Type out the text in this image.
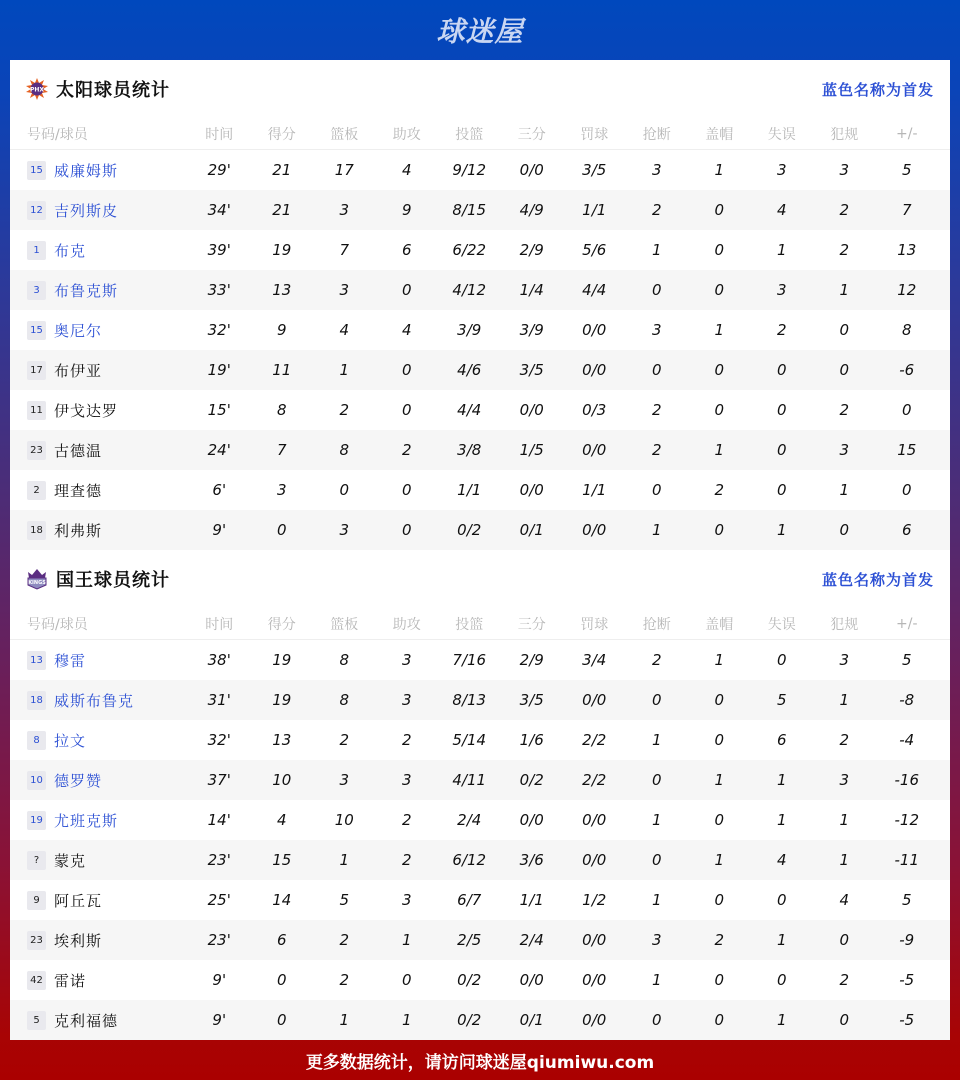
球迷屋
PHX 太阳球员统计	蓝色名称为首发
号码/球员	时间	得分	篮板	助攻	投篮	三分	罚球	抢断	盖帽	失误	犯规	+/-
15 威廉姆斯	29'	21	17	4	9/12	0/0	3/5	3	1	3	3	5
12 吉列斯皮	34'	21	3	9	8/15	4/9	1/1	2	0	4	2	7
1 布克	39'	19	7	6	6/22	2/9	5/6	1	0	1	2	13
3 布鲁克斯	33'	13	3	0	4/12	1/4	4/4	0	0	3	1	12
15 奥尼尔	32'	9	4	4	3/9	3/9	0/0	3	1	2	0	8
17 布伊亚	19'	11	1	0	4/6	3/5	0/0	0	0	0	0	-6
11 伊戈达罗	15'	8	2	0	4/4	0/0	0/3	2	0	0	2	0
23 古德温	24'	7	8	2	3/8	1/5	0/0	2	1	0	3	15
2 理查德	6'	3	0	0	1/1	0/0	1/1	0	2	0	1	0
18 利弗斯	9'	0	3	0	0/2	0/1	0/0	1	0	1	0	6
KINGS 国王球员统计	蓝色名称为首发
号码/球员	时间	得分	篮板	助攻	投篮	三分	罚球	抢断	盖帽	失误	犯规	+/-
13 穆雷	38'	19	8	3	7/16	2/9	3/4	2	1	0	3	5
18 威斯布鲁克	31'	19	8	3	8/13	3/5	0/0	0	0	5	1	-8
8 拉文	32'	13	2	2	5/14	1/6	2/2	1	0	6	2	-4
10 德罗赞	37'	10	3	3	4/11	0/2	2/2	0	1	1	3	-16
19 尤班克斯	14'	4	10	2	2/4	0/0	0/0	1	0	1	1	-12
? 蒙克	23'	15	1	2	6/12	3/6	0/0	0	1	4	1	-11
9 阿丘瓦	25'	14	5	3	6/7	1/1	1/2	1	0	0	4	5
23 埃利斯	23'	6	2	1	2/5	2/4	0/0	3	2	1	0	-9
42 雷诺	9'	0	2	0	0/2	0/0	0/0	1	0	0	2	-5
5 克利福德	9'	0	1	1	0/2	0/1	0/0	0	0	1	0	-5
更多数据统计，请访问球迷屋qiumiwu.com
